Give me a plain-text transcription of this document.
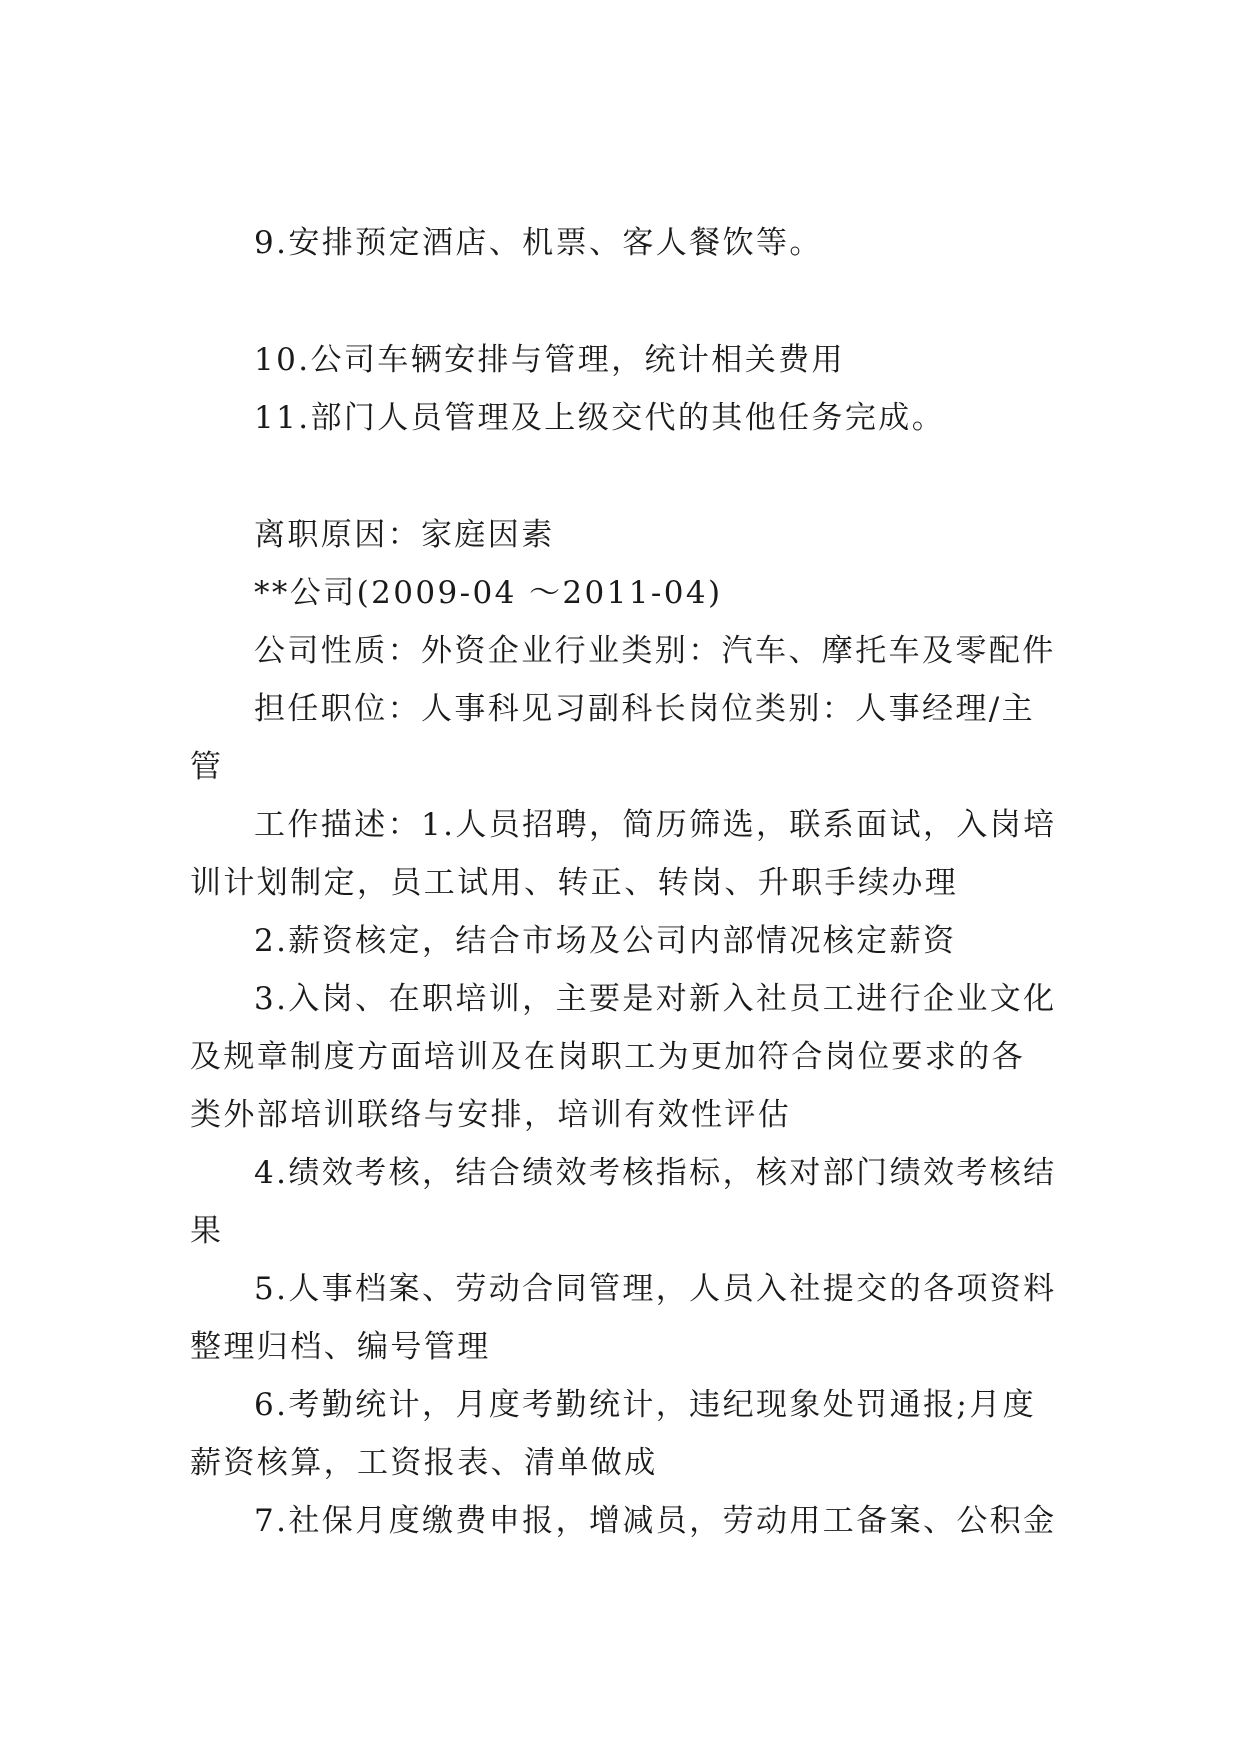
9.安排预定酒店、机票、客人餐饮等。
10.公司车辆安排与管理，统计相关费用
11.部门人员管理及上级交代的其他任务完成。
离职原因：家庭因素
**公司(2009-04 ～2011-04)
公司性质：外资企业行业类别：汽车、摩托车及零配件
担任职位：人事科见习副科长岗位类别：人事经理/主
管
工作描述：1.人员招聘，简历筛选，联系面试，入岗培
训计划制定，员工试用、转正、转岗、升职手续办理
2.薪资核定，结合市场及公司内部情况核定薪资
3.入岗、在职培训，主要是对新入社员工进行企业文化
及规章制度方面培训及在岗职工为更加符合岗位要求的各
类外部培训联络与安排，培训有效性评估
4.绩效考核，结合绩效考核指标，核对部门绩效考核结
果
5.人事档案、劳动合同管理，人员入社提交的各项资料
整理归档、编号管理
6.考勤统计，月度考勤统计，违纪现象处罚通报;月度
薪资核算，工资报表、清单做成
7.社保月度缴费申报，增减员，劳动用工备案、公积金
